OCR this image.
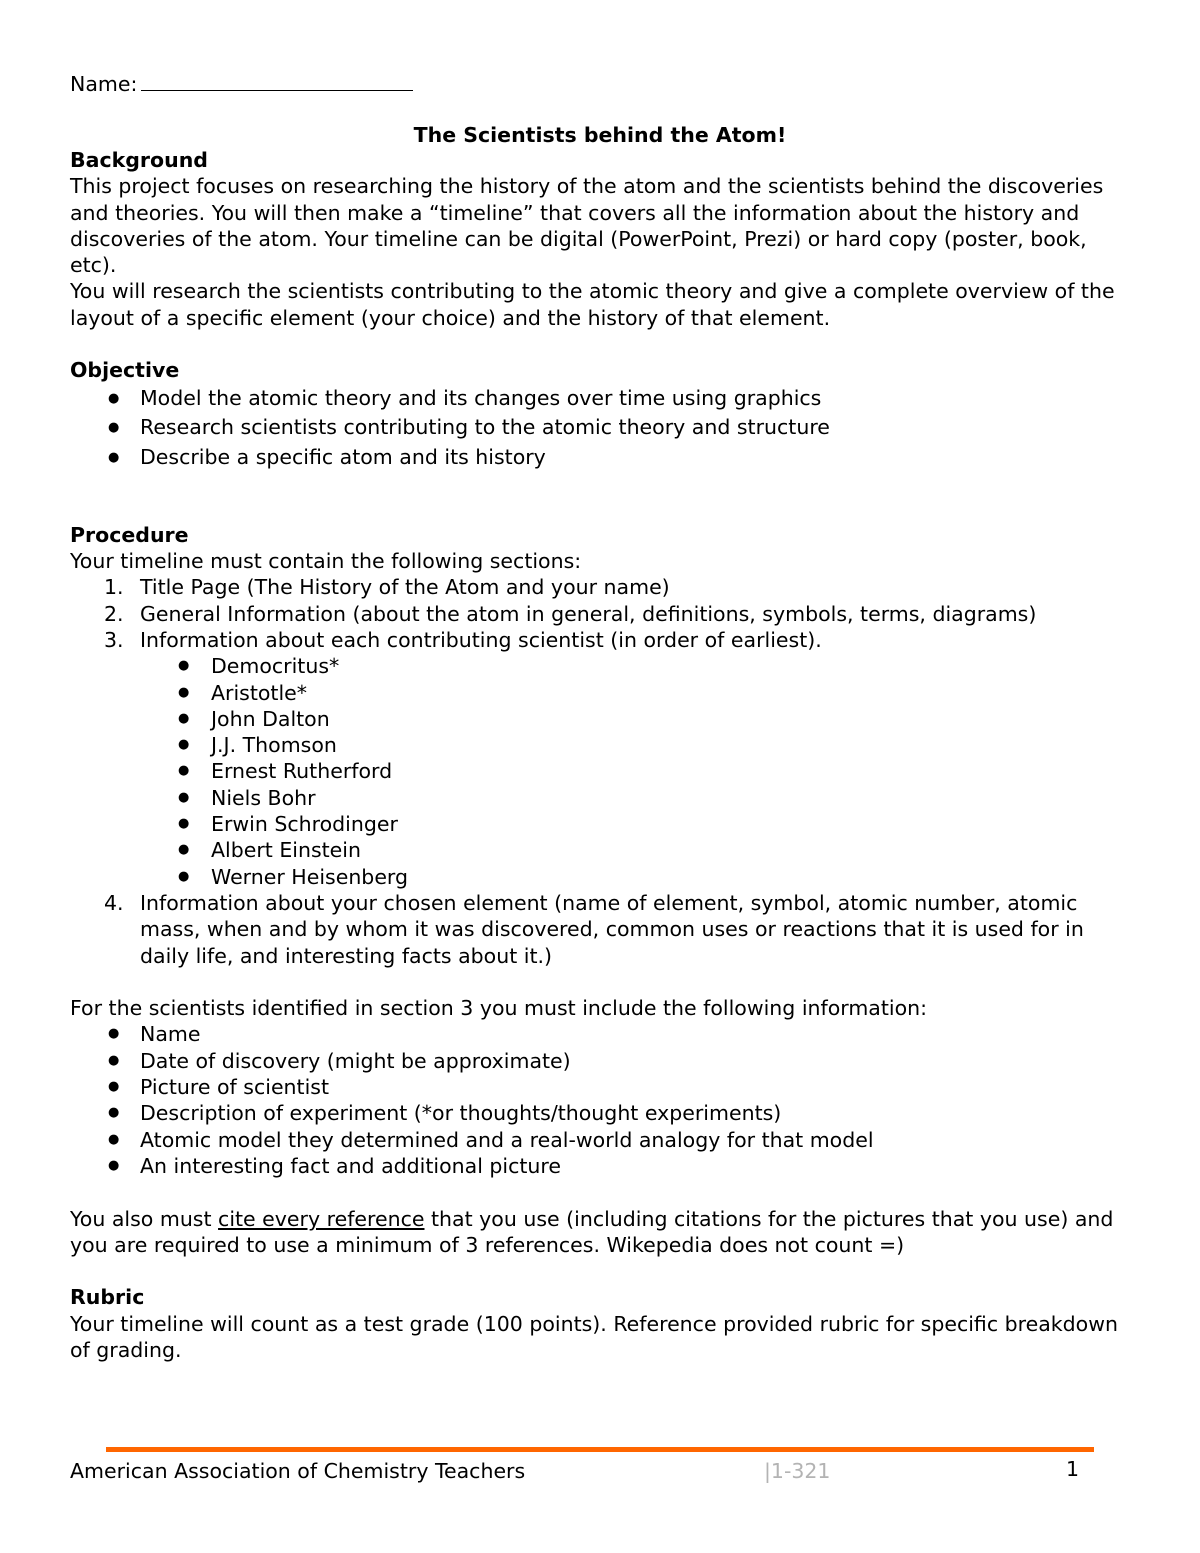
Name:
The Scientists behind the Atom!
Background

This project focuses on researching the history of the atom and the scientists behind the discoveries and theories. You will then make a “timeline” that covers all the information about the history and discoveries of the atom. Your timeline can be digital (PowerPoint, Prezi) or hard copy (poster, book, etc).

You will research the scientists contributing to the atomic theory and give a complete overview of the layout of a specific element (your choice) and the history of that element.

Objective
● Model the atomic theory and its changes over time using graphics
● Research scientists contributing to the atomic theory and structure
● Describe a specific atom and its history
Procedure

Your timeline must contain the following sections:

1. Title Page (The History of the Atom and your name)
2. General Information (about the atom in general, definitions, symbols, terms, diagrams)
3. Information about each contributing scientist (in order of earliest).
● Democritus*
● Aristotle*
● John Dalton
● J.J. Thomson
● Ernest Rutherford
● Niels Bohr
● Erwin Schrodinger
● Albert Einstein
● Werner Heisenberg
4. Information about your chosen element (name of element, symbol, atomic number, atomic mass, when and by whom it was discovered, common uses or reactions that it is used for in daily life, and interesting facts about it.)

For the scientists identified in section 3 you must include the following information:

● Name
● Date of discovery (might be approximate)
● Picture of scientist
● Description of experiment (*or thoughts/thought experiments)
● Atomic model they determined and a real-world analogy for that model
● An interesting fact and additional picture

You also must cite every reference that you use (including citations for the pictures that you use) and you are required to use a minimum of 3 references. Wikepedia does not count =)

Rubric

Your timeline will count as a test grade (100 points). Reference provided rubric for specific breakdown of grading.

American Association of Chemistry Teachers	|1-321	1
